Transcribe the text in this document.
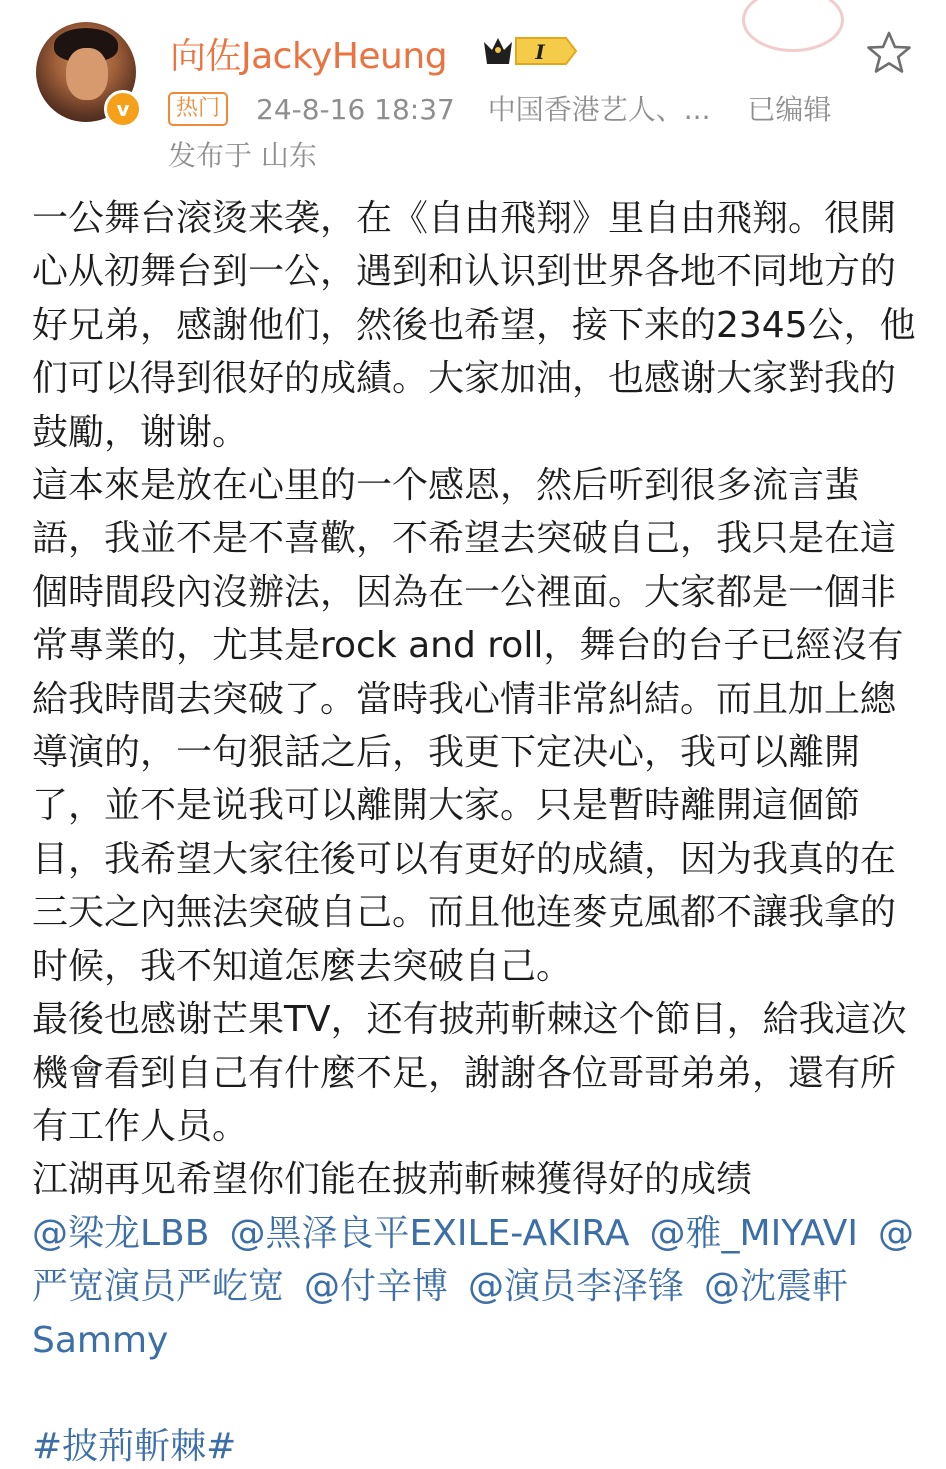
v
向佐JackyHeung	I
热门 24-8-16 18:37 中国香港艺人、... 已编辑
发布于 山东

一公舞台滚烫来袭，在《自由飛翔》里自由飛翔。很開心从初舞台到一公，遇到和认识到世界各地不同地方的好兄弟，感謝他们，然後也希望，接下来的2345公，他们可以得到很好的成績。大家加油，也感谢大家對我的鼓勵，谢谢。

這本來是放在心里的一个感恩，然后听到很多流言蜚語，我並不是不喜歡，不希望去突破自己，我只是在這個時間段內沒辦法，因為在一公裡面。大家都是一個非常專業的，尤其是rock and roll，舞台的台子已經沒有給我時間去突破了。當時我心情非常糾結。而且加上總導演的，一句狠話之后，我更下定决心，我可以離開了，並不是说我可以離開大家。只是暫時離開這個節目，我希望大家往後可以有更好的成績，因为我真的在三天之內無法突破自己。而且他连麥克風都不讓我拿的时候，我不知道怎麼去突破自己。

最後也感谢芒果TV，还有披荊斬棘这个節目，給我這次機會看到自己有什麼不足，謝謝各位哥哥弟弟，還有所有工作人员。

江湖再见希望你们能在披荊斬棘獲得好的成绩

@梁龙LBB @黑泽良平EXILE-AKIRA @雅_MIYAVI @严宽演员严屹宽 @付辛博 @演员李泽锋 @沈震軒Sammy

#披荊斬棘#
